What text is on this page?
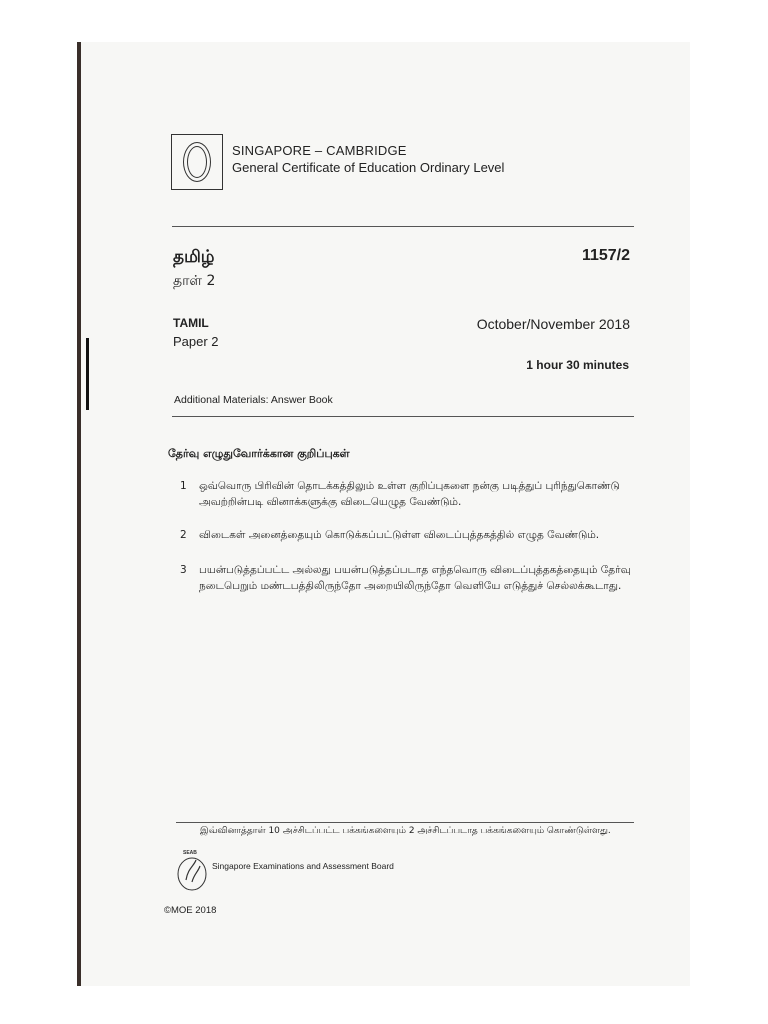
SINGAPORE – CAMBRIDGE
General Certificate of Education Ordinary Level
தமிழ்	1157/2
தாள் 2
TAMIL
Paper 2
October/November 2018
1 hour 30 minutes
Additional Materials: Answer Book
தேர்வு எழுதுவோர்க்கான குறிப்புகள்
1	ஒவ்வொரு பிரிவின் தொடக்கத்திலும் உள்ள குறிப்புகளை நன்கு படித்துப் புரிந்துகொண்டு அவற்றின்படி வினாக்களுக்கு விடையெழுத வேண்டும்.
2	விடைகள் அனைத்தையும் கொடுக்கப்பட்டுள்ள விடைப்புத்தகத்தில் எழுத வேண்டும்.
3	பயன்படுத்தப்பட்ட அல்லது பயன்படுத்தப்படாத எந்தவொரு விடைப்புத்தகத்தையும் தேர்வு நடைபெறும் மண்டபத்திலிருந்தோ அறையிலிருந்தோ வெளியே எடுத்துச் செல்லக்கூடாது.
இவ்வினாத்தாள் 10 அச்சிடப்பட்ட பக்கங்களையும் 2 அச்சிடப்படாத பக்கங்களையும் கொண்டுள்ளது.
SEAB
Singapore Examinations and Assessment Board
©MOE 2018
